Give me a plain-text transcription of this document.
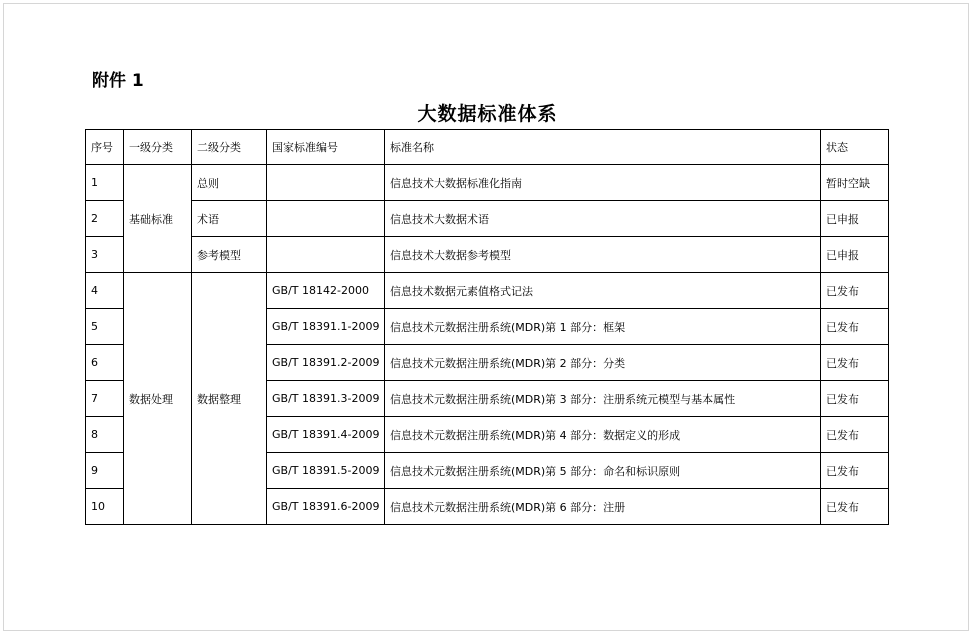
附件 1
大数据标准体系
序号	一级分类	二级分类	国家标准编号	标准名称	状态
1	基础标准	总则		信息技术大数据标准化指南	暂时空缺
2		术语		信息技术大数据术语	已申报
3		参考模型		信息技术大数据参考模型	已申报
4	数据处理	数据整理	GB/T 18142-2000	信息技术数据元素值格式记法	已发布
5			GB/T 18391.1-2009	信息技术元数据注册系统(MDR)第 1 部分：框架	已发布
6			GB/T 18391.2-2009	信息技术元数据注册系统(MDR)第 2 部分：分类	已发布
7			GB/T 18391.3-2009	信息技术元数据注册系统(MDR)第 3 部分：注册系统元模型与基本属性	已发布
8			GB/T 18391.4-2009	信息技术元数据注册系统(MDR)第 4 部分：数据定义的形成	已发布
9			GB/T 18391.5-2009	信息技术元数据注册系统(MDR)第 5 部分：命名和标识原则	已发布
10			GB/T 18391.6-2009	信息技术元数据注册系统(MDR)第 6 部分：注册	已发布
